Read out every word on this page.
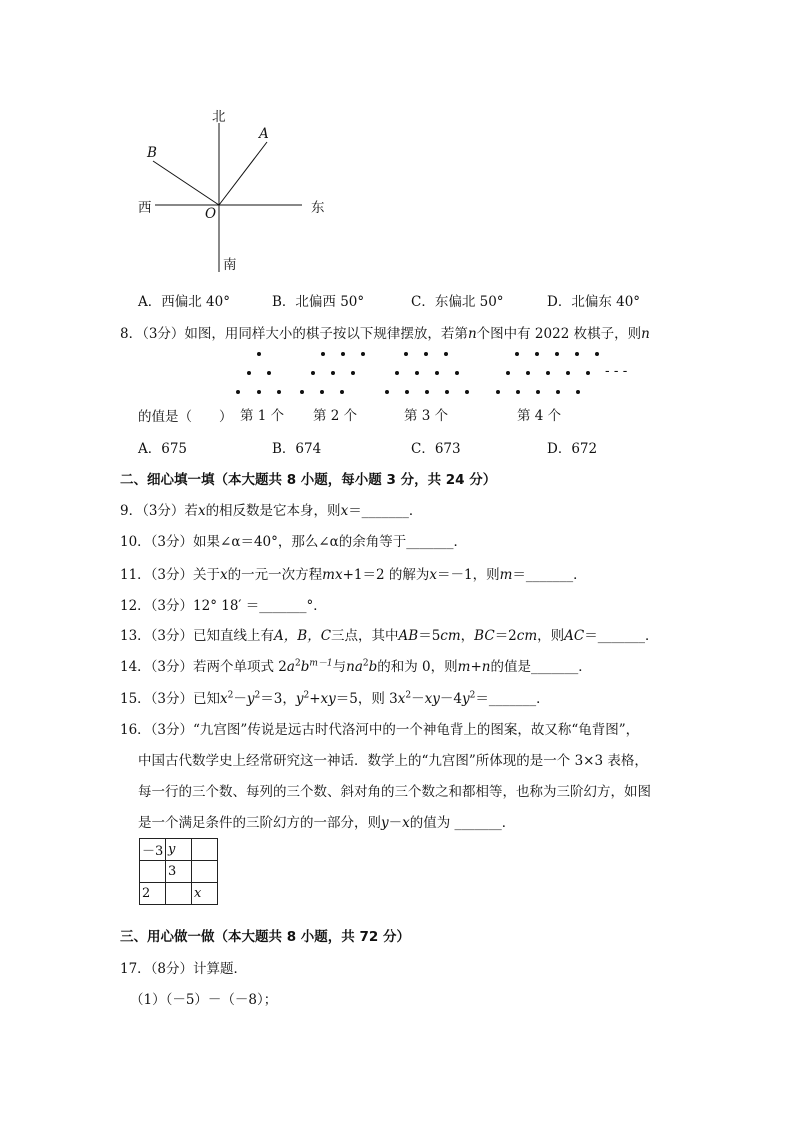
北
南
东
西
A
B
O
A．西偏北 40°	B．北偏西 50°	C．东偏北 50°	D．北偏东 40°
8．（3分）如图，用同样大小的棋子按以下规律摆放，若第n个图中有 2022 枚棋子，则n
- - -
的值是（　　） 第 1 个 第 2 个	第 3 个	第 4 个
A．675	B．674	C．673	D．672
二、细心填一填（本大题共 8 小题，每小题 3 分，共 24 分）
9．（3分）若x的相反数是它本身，则x＝_______．
10．（3分）如果∠α＝40°，那么∠α的余角等于_______．
11．（3分）关于x的一元一次方程mx+1＝2 的解为x＝－1，则m＝_______．
12．（3分）12° 18′ ＝_______°．
13．（3分）已知直线上有A，B，C三点，其中AB＝5cm，BC＝2cm，则AC＝_______．
14．（3分）若两个单项式 $2a^2b^{m-1}$与$na^2b$的和为 0，则m+n的值是_______．
15．（3分）已知$x^2-y^2=3$，$y^2+xy=5$，则 $3x^2-xy-4y^2=\_\_\_\_\_\_\_$．
16．（3分）“九宫图”传说是远古时代洛河中的一个神龟背上的图案，故又称“龟背图”，
中国古代数学史上经常研究这一神话．数学上的“九宫图”所体现的是一个 3×3 表格，
每一行的三个数、每列的三个数、斜对角的三个数之和都相等，也称为三阶幻方，如图
是一个满足条件的三阶幻方的一部分，则y－x的值为 _______．
－3	y	
	3	
2		x
三、用心做一做（本大题共 8 小题，共 72 分）
17．（8分）计算题．
（1）（－5）－（－8）；
